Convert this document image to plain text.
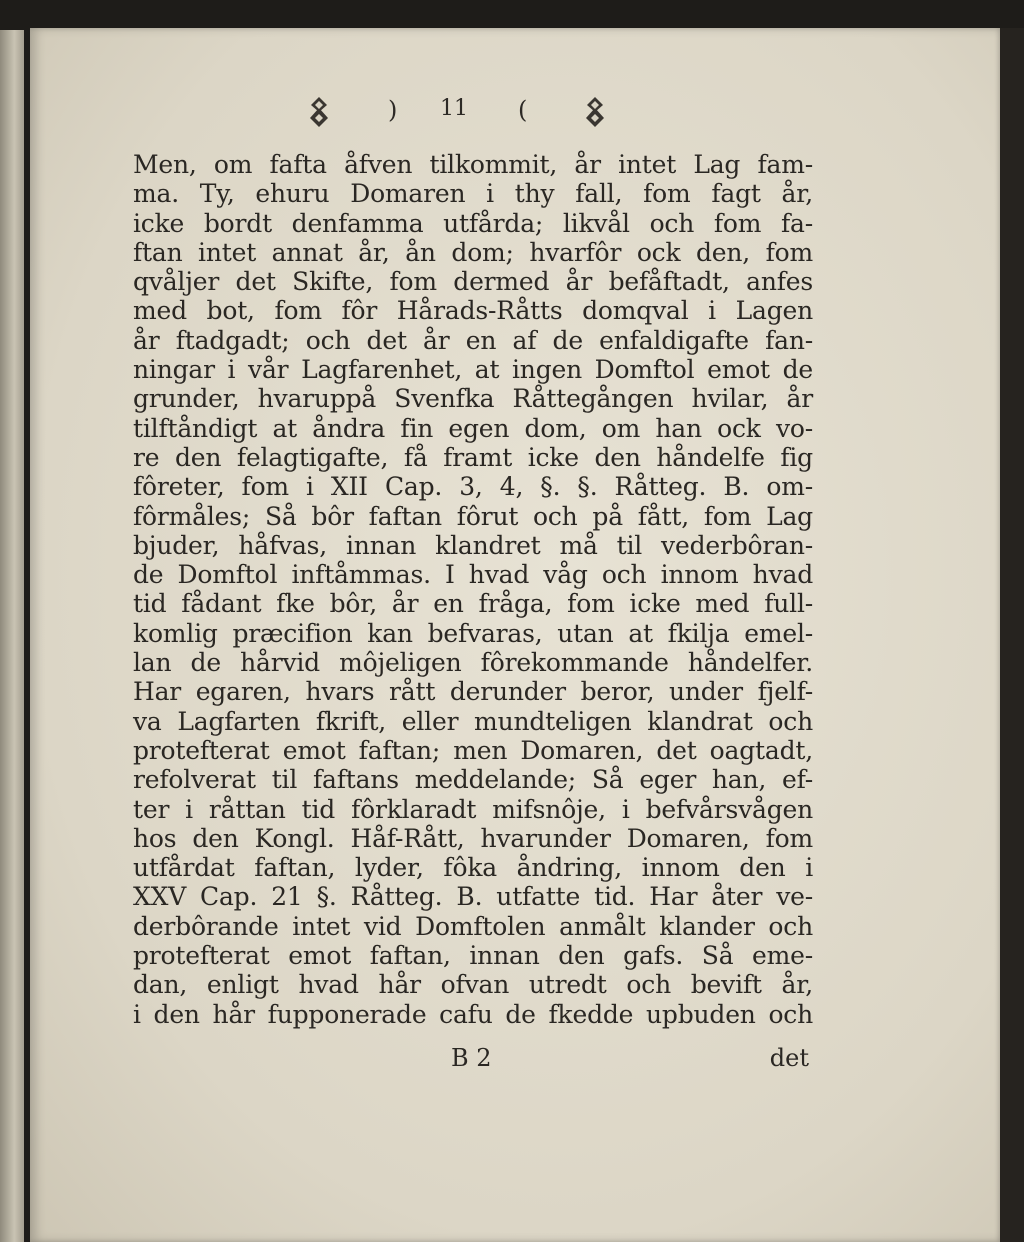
) 11 (
Men, om fafta åfven tilkommit, år intet Lag fam-
ma. Ty, ehuru Domaren i thy fall, fom fagt år,
icke bordt denfamma utfårda; likvål och fom fa-
ftan intet annat år, ån dom; hvarfôr ock den, fom
qvåljer det Skifte, fom dermed år befåftadt, anfes
med bot, fom fôr Hårads-Råtts domqval i Lagen
år ftadgadt; och det år en af de enfaldigafte fan-
ningar i vår Lagfarenhet, at ingen Domftol emot de
grunder, hvaruppå Svenfka Råttegången hvilar, år
tilftåndigt at åndra fin egen dom, om han ock vo-
re den felagtigafte, få framt icke den håndelfe fig
fôreter, fom i XII Cap. 3, 4, §. §. Råtteg. B. om-
fôrmåles; Så bôr faftan fôrut och på fått, fom Lag
bjuder, håfvas, innan klandret må til vederbôran-
de Domftol inftåmmas. I hvad våg och innom hvad
tid fådant fke bôr, år en fråga, fom icke med full-
komlig præcifion kan befvaras, utan at fkilja emel-
lan de hårvid môjeligen fôrekommande håndelfer.
Har egaren, hvars rått derunder beror, under fjelf-
va Lagfarten fkrift, eller mundteligen klandrat och
protefterat emot faftan; men Domaren, det oagtadt,
refolverat til faftans meddelande; Så eger han, ef-
ter i råttan tid fôrklaradt mifsnôje, i befvårsvågen
hos den Kongl. Håf-Rått, hvarunder Domaren, fom
utfårdat faftan, lyder, fôka åndring, innom den i
XXV Cap. 21 §. Råtteg. B. utfatte tid. Har åter ve-
derbôrande intet vid Domftolen anmålt klander och
protefterat emot faftan, innan den gafs. Så eme-
dan, enligt hvad hår ofvan utredt och bevift år,
i den hår fupponerade cafu de fkedde upbuden och
B 2	det
